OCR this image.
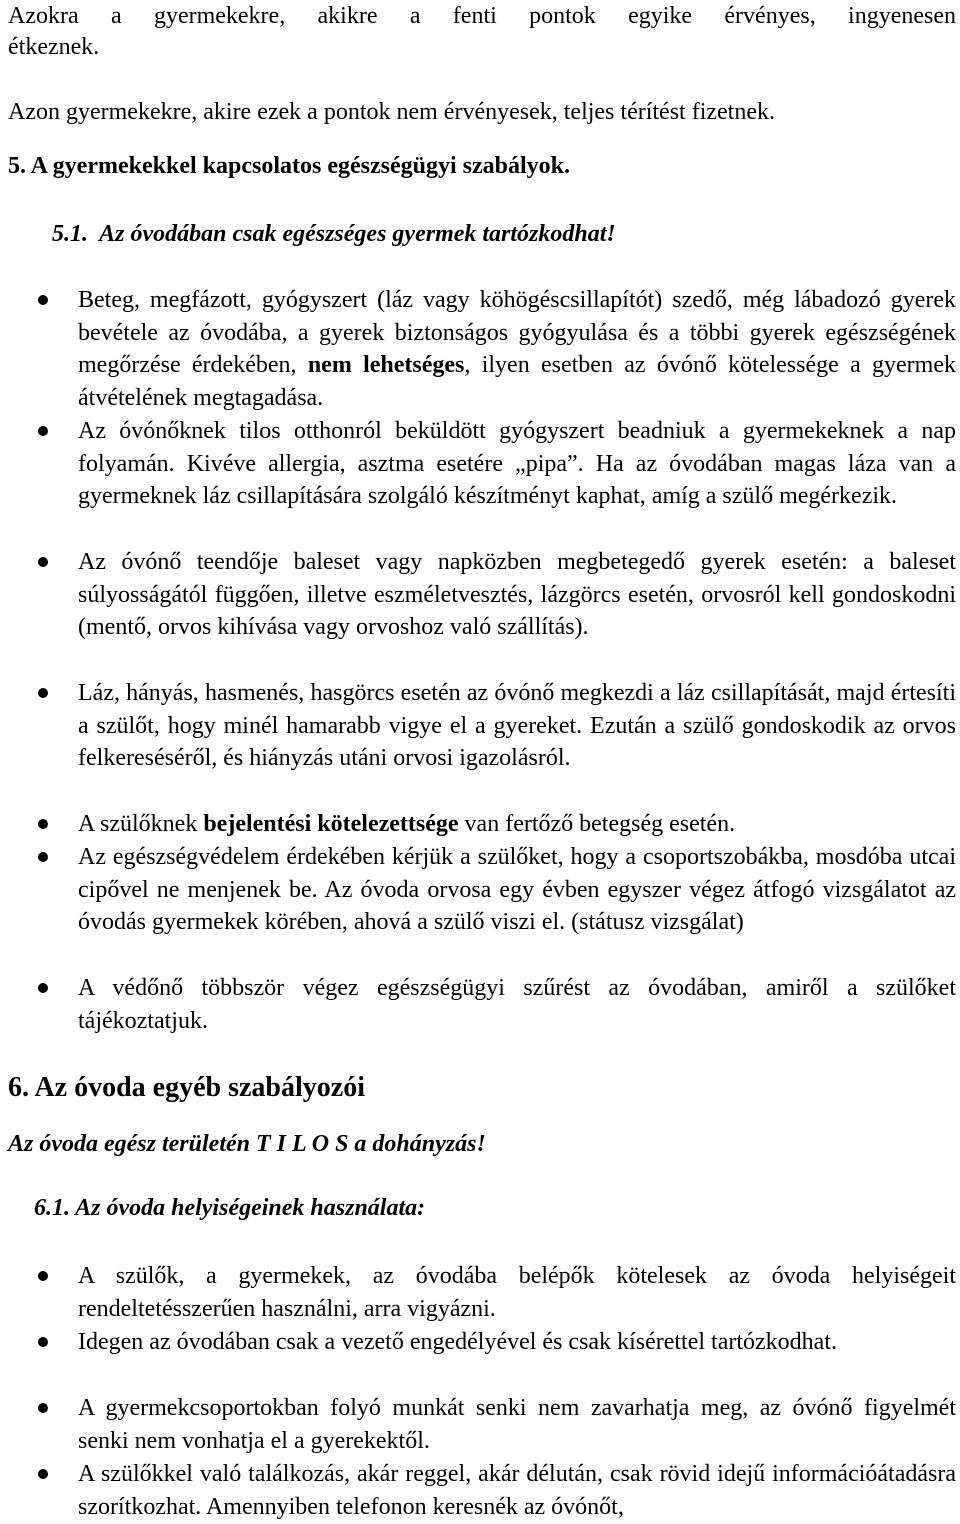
Azokra a gyermekekre, akikre a fenti pontok egyike érvényes, ingyenesen
étkeznek.
Azon gyermekekre, akire ezek a pontok nem érvényesek, teljes térítést fizetnek.
5. A gyermekekkel kapcsolatos egészségügyi szabályok.
5.1.  Az óvodában csak egészséges gyermek tartózkodhat!
Beteg, megfázott, gyógyszert (láz vagy köhögéscsillapítót) szedő, még lábadozó gyerek bevétele az óvodába, a gyerek biztonságos gyógyulása és a többi gyerek egészségének megőrzése érdekében, nem lehetséges, ilyen esetben az óvónő kötelessége a gyermek átvételének megtagadása.
Az óvónőknek tilos otthonról beküldött gyógyszert beadniuk a gyermekeknek a nap folyamán. Kivéve allergia, asztma esetére „pipa”. Ha az óvodában magas láza van a gyermeknek láz csillapítására szolgáló készítményt kaphat, amíg a szülő megérkezik.
Az óvónő teendője baleset vagy napközben megbetegedő gyerek esetén: a baleset súlyosságától függően, illetve eszméletvesztés, lázgörcs esetén, orvosról kell gondoskodni (mentő, orvos kihívása vagy orvoshoz való szállítás).
Láz, hányás, hasmenés, hasgörcs esetén az óvónő megkezdi a láz csillapítását, majd értesíti a szülőt, hogy minél hamarabb vigye el a gyereket. Ezután a szülő gondoskodik az orvos felkereséséről, és hiányzás utáni orvosi igazolásról.
A szülőknek bejelentési kötelezettsége van fertőző betegség esetén.
Az egészségvédelem érdekében kérjük a szülőket, hogy a csoportszobákba, mosdóba utcai cipővel ne menjenek be. Az óvoda orvosa egy évben egyszer végez átfogó vizsgálatot az óvodás gyermekek körében, ahová a szülő viszi el. (státusz vizsgálat)
A védőnő többször végez egészségügyi szűrést az óvodában, amiről a szülőket tájékoztatjuk.
6. Az óvoda egyéb szabályozói
Az óvoda egész területén T I L O S a dohányzás!
6.1. Az óvoda helyiségeinek használata:
A szülők, a gyermekek, az óvodába belépők kötelesek az óvoda helyiségeit rendeltetésszerűen használni, arra vigyázni.
Idegen az óvodában csak a vezető engedélyével és csak kísérettel tartózkodhat.
A gyermekcsoportokban folyó munkát senki nem zavarhatja meg, az óvónő figyelmét senki nem vonhatja el a gyerekektől.
A szülőkkel való találkozás, akár reggel, akár délután, csak rövid idejű információátadásra szorítkozhat. Amennyiben telefonon keresnék az óvónőt,
